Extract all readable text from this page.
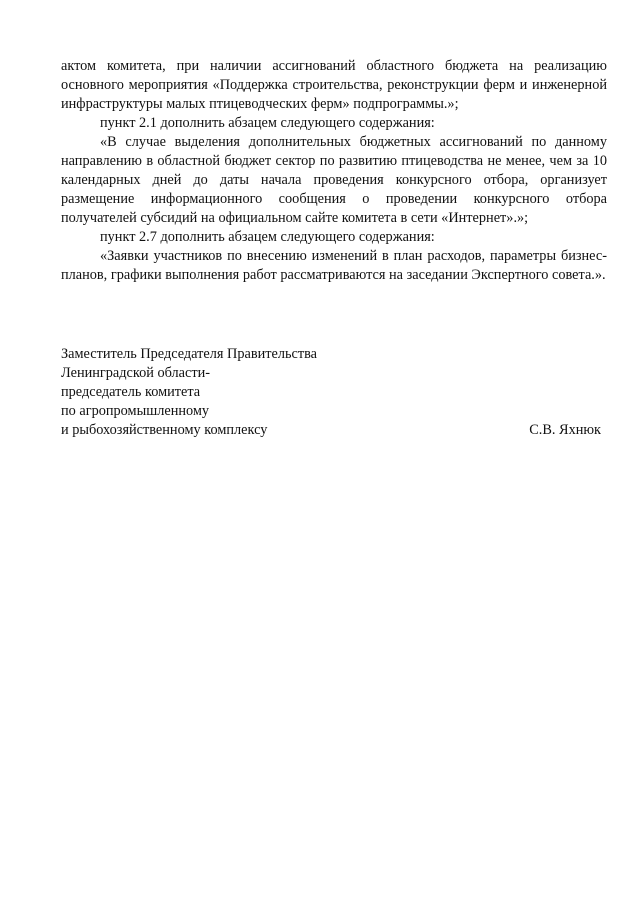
актом комитета, при наличии ассигнований областного бюджета на реализацию основного мероприятия «Поддержка строительства, реконструкции ферм и инженерной инфраструктуры малых птицеводческих ферм» подпрограммы.»;

пункт 2.1 дополнить абзацем следующего содержания:

«В случае выделения дополнительных бюджетных ассигнований по данному направлению в областной бюджет сектор по развитию птицеводства не менее, чем за 10 календарных дней до даты начала проведения конкурсного отбора, организует размещение информационного сообщения о проведении конкурсного отбора получателей субсидий на официальном сайте комитета в сети «Интернет».»;

пункт 2.7 дополнить абзацем следующего содержания:

«Заявки участников по внесению изменений в план расходов, параметры бизнес-планов, графики выполнения работ рассматриваются на заседании Экспертного совета.».

Заместитель Председателя Правительства
Ленинградской области-
председатель комитета
по агропромышленному
и рыбохозяйственному комплексу	С.В. Яхнюк
